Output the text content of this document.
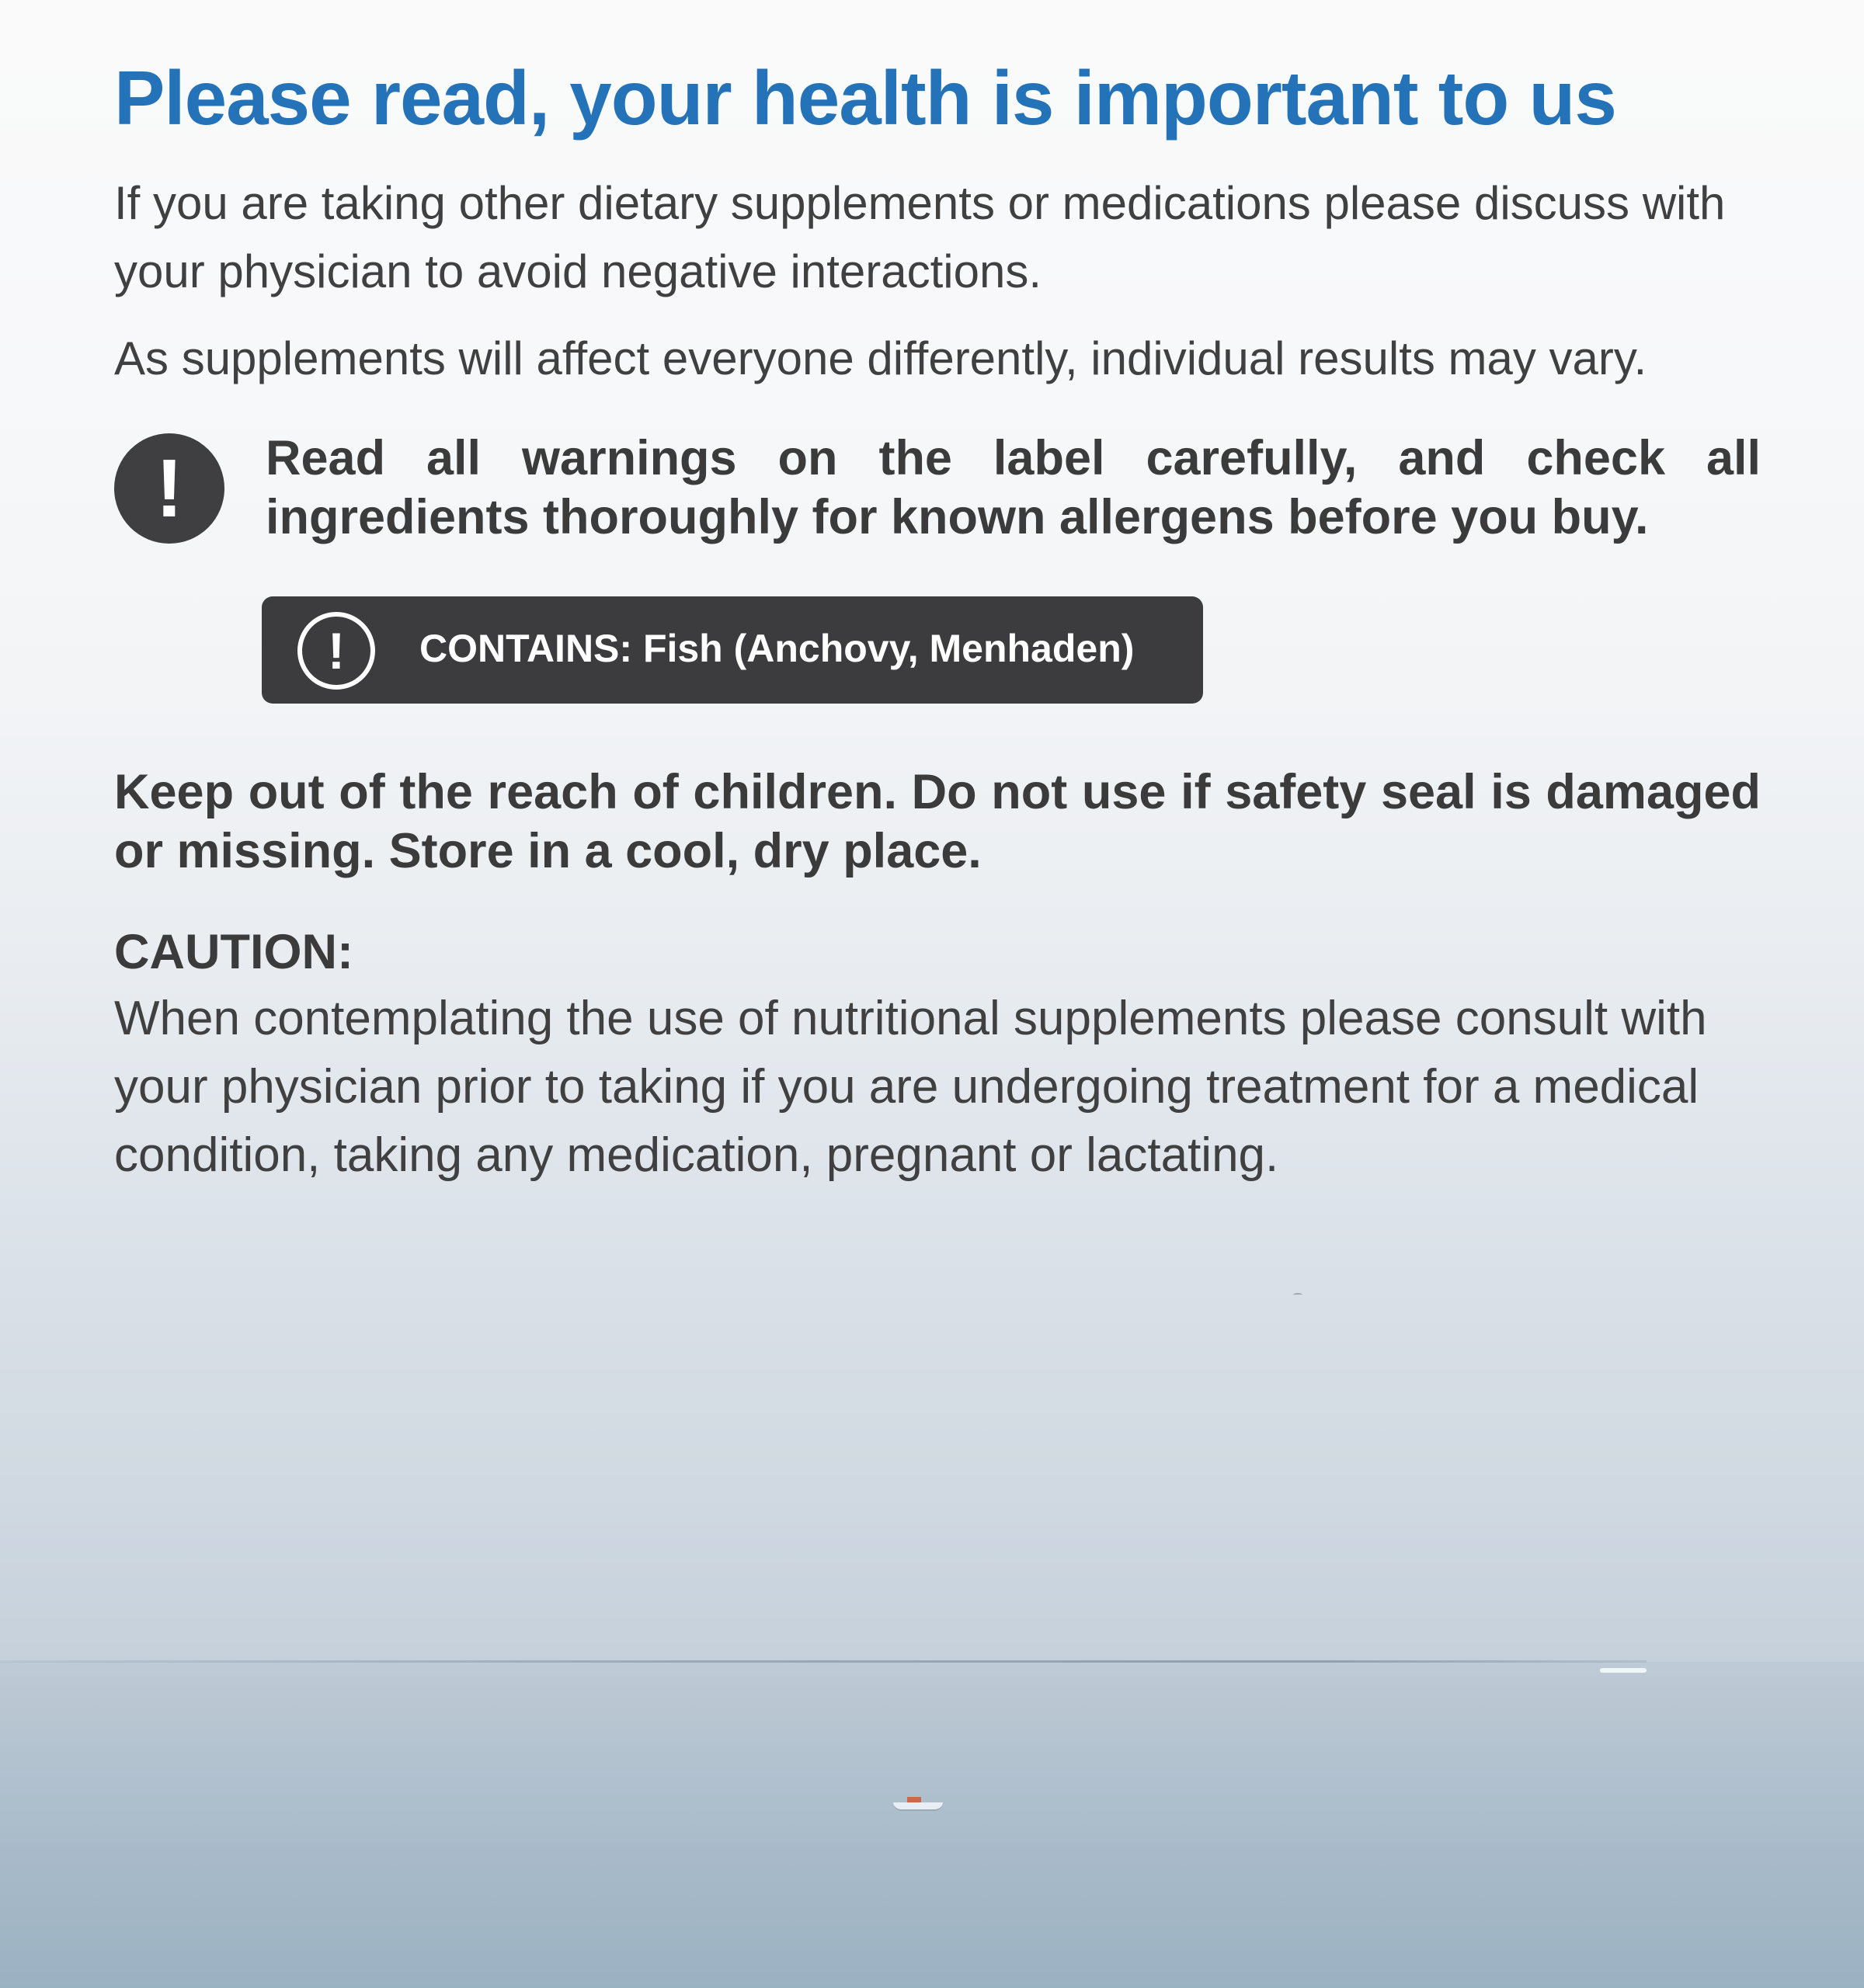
Please read, your health is important to us

If you are taking other dietary supplements or medications please discuss with your physician to avoid negative interactions.

As supplements will affect everyone differently, individual results may vary.

!	Read all warnings on the label carefully, and check all ingredients thoroughly for known allergens before you buy.

!	CONTAINS: Fish (Anchovy, Menhaden)

Keep out of the reach of children. Do not use if safety seal is damaged or missing. Store in a cool, dry place.

CAUTION:

When contemplating the use of nutritional supplements please consult with your physician prior to taking if you are undergoing treatment for a medical condition, taking any medication, pregnant or lactating.
